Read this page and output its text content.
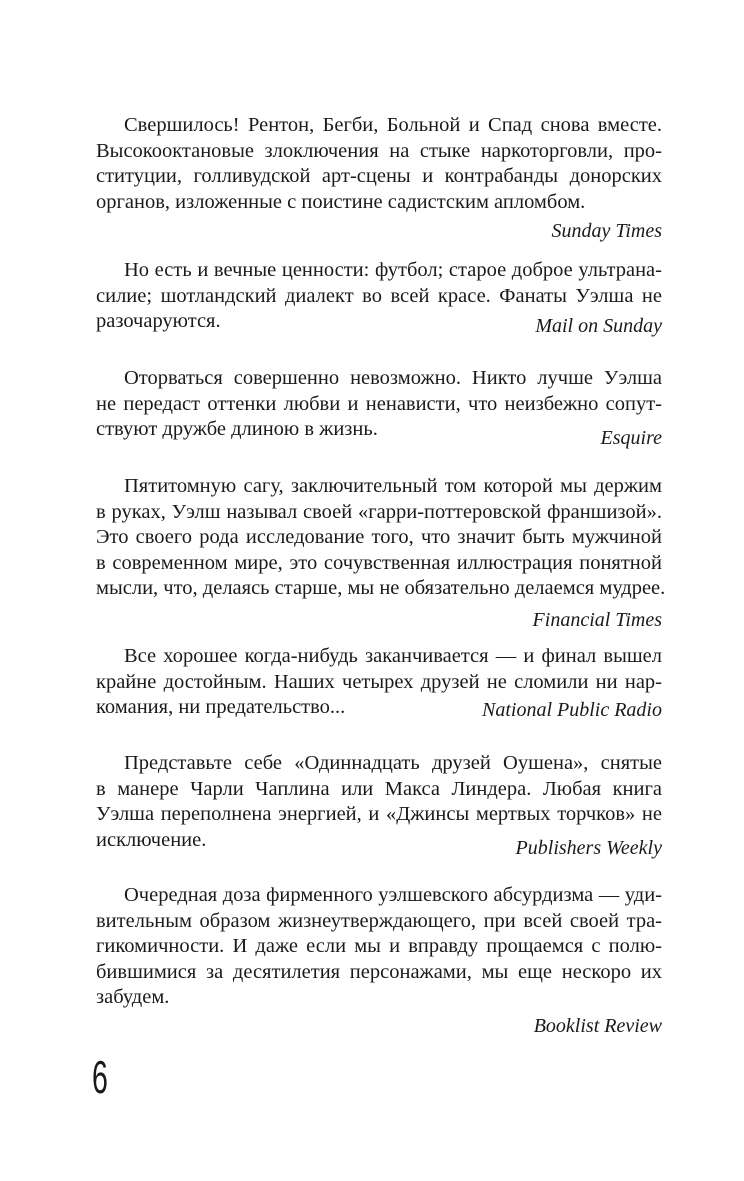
Свершилось! Рентон, Бегби, Больной и Спад снова вместе.
Высокооктановые злоключения на стыке наркоторговли, про-
ституции, голливудской арт-сцены и контрабанды донорских
органов, изложенные с поистине садистским апломбом.

Sunday Times

Но есть и вечные ценности: футбол; старое доброе ультрана-
силие; шотландский диалект во всей красе. Фанаты Уэлша не
разочаруются.	Mail on Sunday

Оторваться совершенно невозможно. Никто лучше Уэлша
не передаст оттенки любви и ненависти, что неизбежно сопут-
ствуют дружбе длиною в жизнь.	Esquire

Пятитомную сагу, заключительный том которой мы держим
в руках, Уэлш называл своей «гарри-поттеровской франшизой».
Это своего рода исследование того, что значит быть мужчиной
в современном мире, это сочувственная иллюстрация понятной
мысли, что, делаясь старше, мы не обязательно делаемся мудрее.

Financial Times

Все хорошее когда-нибудь заканчивается — и финал вышел
крайне достойным. Наших четырех друзей не сломили ни нар-
комания, ни предательство...	National Public Radio

Представьте себе «Одиннадцать друзей Оушена», снятые
в манере Чарли Чаплина или Макса Линдера. Любая книга
Уэлша переполнена энергией, и «Джинсы мертвых торчков» не
исключение.	Publishers Weekly

Очередная доза фирменного уэлшевского абсурдизма — уди-
вительным образом жизнеутверждающего, при всей своей тра-
гикомичности. И даже если мы и вправду прощаемся с полю-
бившимися за десятилетия персонажами, мы еще нескоро их
забудем.

Booklist Review
6
